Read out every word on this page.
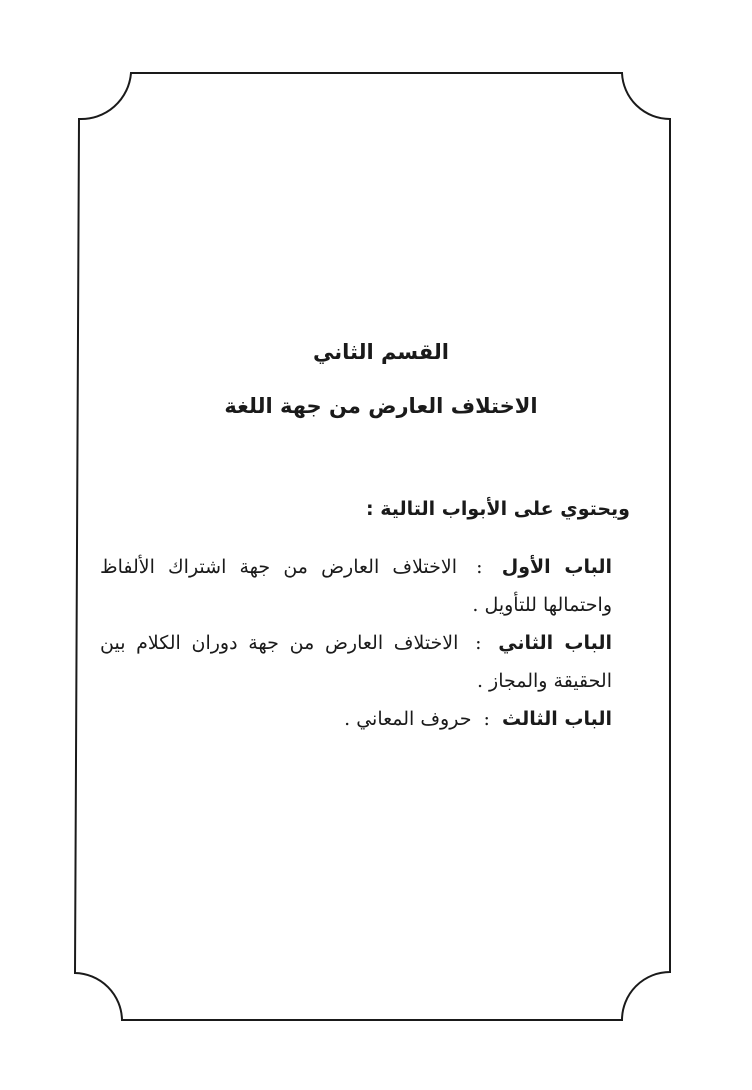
القسم الثاني
الاختلاف العارض من جهة اللغة
ويحتوي على الأبواب التالية :
الباب الأول : الاختلاف العارض من جهة اشتراك الألفاظ واحتمالها للتأويل .
الباب الثاني : الاختلاف العارض من جهة دوران الكلام بين الحقيقة والمجاز .
الباب الثالث : حروف المعاني .
